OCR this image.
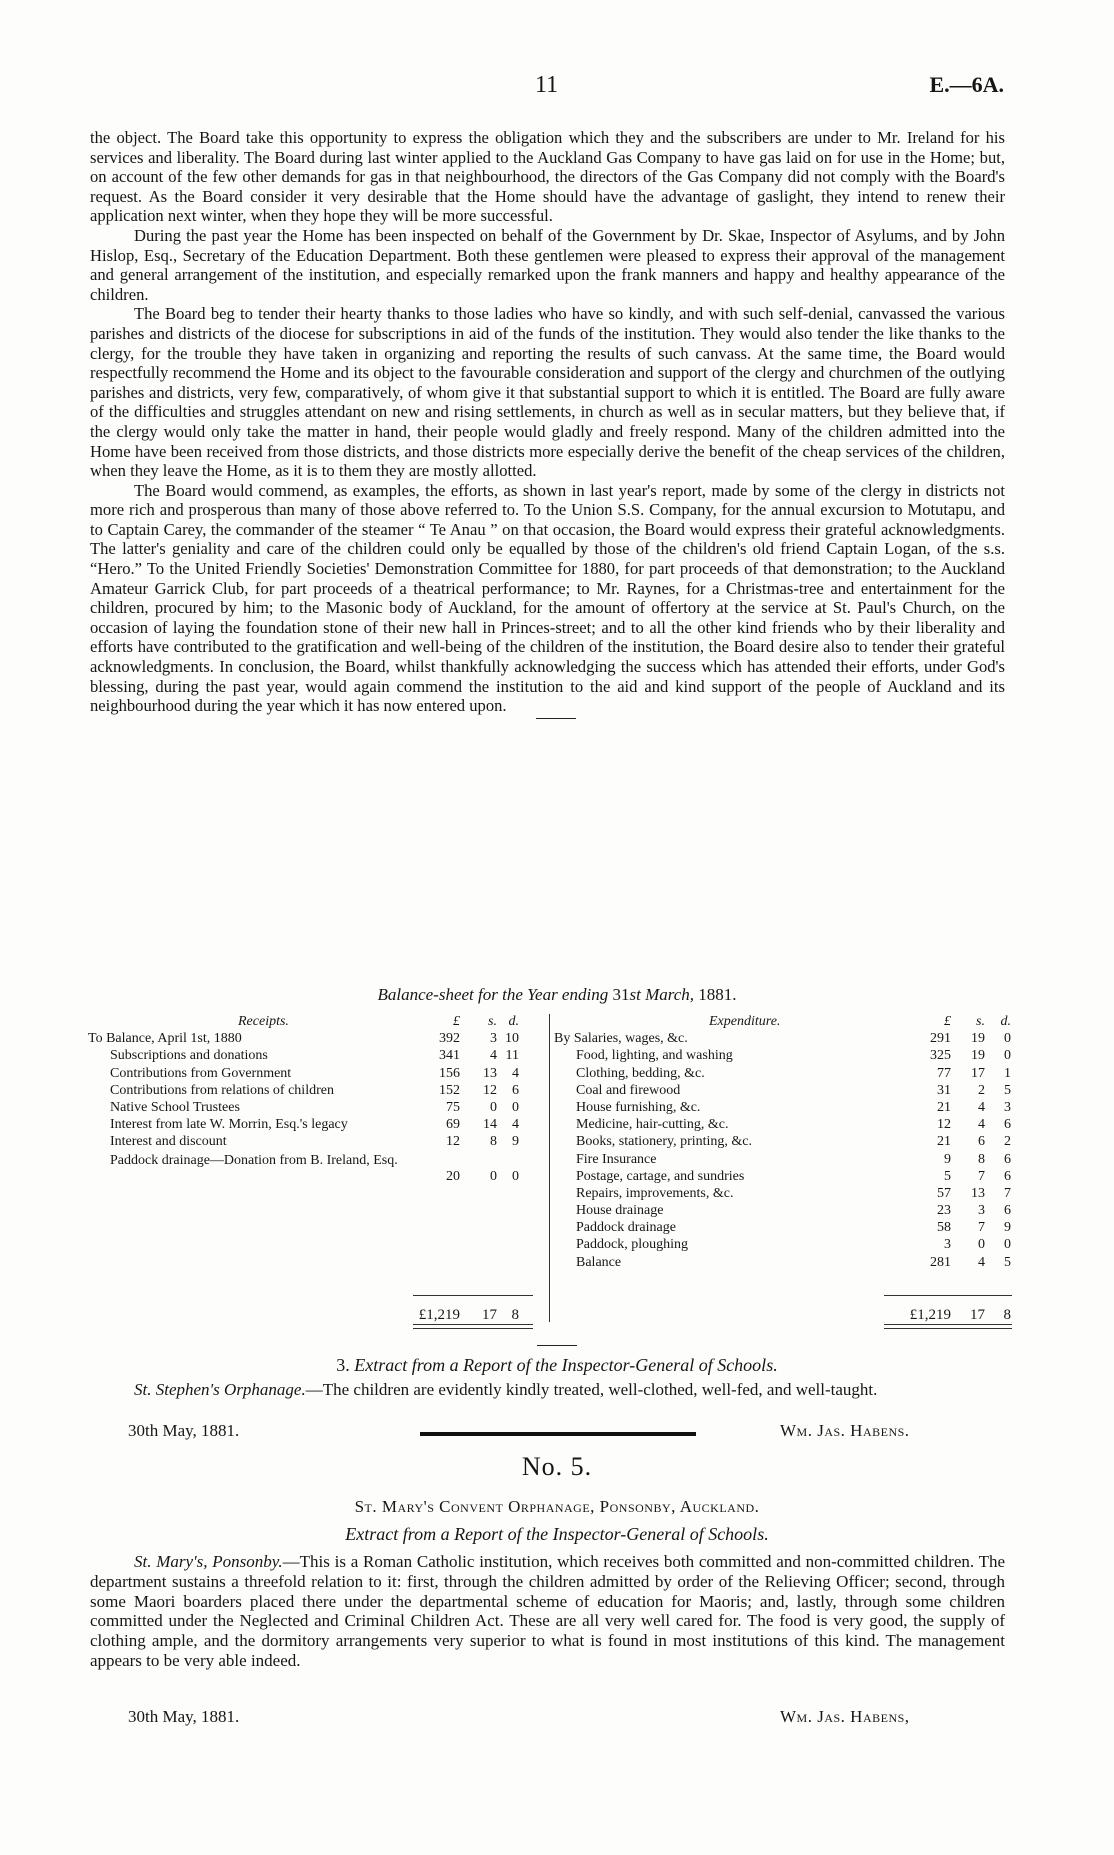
11	E.—6A.

the object. The Board take this opportunity to express the obligation which they and the subscribers are under to Mr. Ireland for his services and liberality. The Board during last winter applied to the Auckland Gas Company to have gas laid on for use in the Home; but, on account of the few other demands for gas in that neighbourhood, the directors of the Gas Company did not comply with the Board's request. As the Board consider it very desirable that the Home should have the advantage of gaslight, they intend to renew their application next winter, when they hope they will be more successful.

During the past year the Home has been inspected on behalf of the Government by Dr. Skae, Inspector of Asylums, and by John Hislop, Esq., Secretary of the Education Department. Both these gentlemen were pleased to express their approval of the management and general arrangement of the institution, and especially remarked upon the frank manners and happy and healthy appearance of the children.

The Board beg to tender their hearty thanks to those ladies who have so kindly, and with such self-denial, canvassed the various parishes and districts of the diocese for subscriptions in aid of the funds of the institution. They would also tender the like thanks to the clergy, for the trouble they have taken in organizing and reporting the results of such canvass. At the same time, the Board would respectfully recommend the Home and its object to the favourable consideration and support of the clergy and churchmen of the outlying parishes and districts, very few, comparatively, of whom give it that substantial support to which it is entitled. The Board are fully aware of the difficulties and struggles attendant on new and rising settlements, in church as well as in secular matters, but they believe that, if the clergy would only take the matter in hand, their people would gladly and freely respond. Many of the children admitted into the Home have been received from those districts, and those districts more especially derive the benefit of the cheap services of the children, when they leave the Home, as it is to them they are mostly allotted.

The Board would commend, as examples, the efforts, as shown in last year's report, made by some of the clergy in districts not more rich and prosperous than many of those above referred to. To the Union S.S. Company, for the annual excursion to Motutapu, and to Captain Carey, the commander of the steamer “ Te Anau ” on that occasion, the Board would express their grateful acknowledgments. The latter's geniality and care of the children could only be equalled by those of the children's old friend Captain Logan, of the s.s. “Hero.” To the United Friendly Societies' Demonstration Committee for 1880, for part proceeds of that demonstration; to the Auckland Amateur Garrick Club, for part proceeds of a theatrical performance; to Mr. Raynes, for a Christmas-tree and entertainment for the children, procured by him; to the Masonic body of Auckland, for the amount of offertory at the service at St. Paul's Church, on the occasion of laying the foundation stone of their new hall in Princes-street; and to all the other kind friends who by their liberality and efforts have contributed to the gratification and well-being of the children of the institution, the Board desire also to tender their grateful acknowledgments. In conclusion, the Board, whilst thankfully acknowledging the success which has attended their efforts, under God's blessing, during the past year, would again commend the institution to the aid and kind support of the people of Auckland and its neighbourhood during the year which it has now entered upon.

Balance-sheet for the Year ending 31st March, 1881.
Receipts.	£	s. d.
To Balance, April 1st, 1880	392	3 10
Subscriptions and donations	341	4 11
Contributions from Government	156	13	4
Contributions from relations of children	152	12	6
Native School Trustees	75	0	0
Interest from late W. Morrin, Esq.'s legacy	69	14	4
Interest and discount	12	8	9
Paddock drainage—Donation from B. Ireland, Esq.
20	0	0
£1,219	17 8
Expenditure.	£	s.	d.
By Salaries, wages, &c.	291	19	0
Food, lighting, and washing	325	19	0
Clothing, bedding, &c.	77	17	1
Coal and firewood	31	2	5
House furnishing, &c.	21	4	3
Medicine, hair-cutting, &c.	12	4	6
Books, stationery, printing, &c.	21	6	2
Fire Insurance	9	8	6
Postage, cartage, and sundries	5	7	6
Repairs, improvements, &c.	57	13	7
House drainage	23	3	6
Paddock drainage	58	7	9
Paddock, ploughing	3	0	0
Balance	281	4	5
£1,219	17	8
3. Extract from a Report of the Inspector-General of Schools.
St. Stephen's Orphanage.—The children are evidently kindly treated, well-clothed, well-fed, and well-taught.
30th May, 1881.	Wm. Jas. Habens.
No. 5.
St. Mary's Convent Orphanage, Ponsonby, Auckland.
Extract from a Report of the Inspector-General of Schools.
St. Mary's, Ponsonby.—This is a Roman Catholic institution, which receives both committed and non-committed children. The department sustains a threefold relation to it: first, through the children admitted by order of the Relieving Officer; second, through some Maori boarders placed there under the departmental scheme of education for Maoris; and, lastly, through some children committed under the Neglected and Criminal Children Act. These are all very well cared for. The food is very good, the supply of clothing ample, and the dormitory arrangements very superior to what is found in most institutions of this kind. The management appears to be very able indeed.
30th May, 1881.	Wm. Jas. Habens,
